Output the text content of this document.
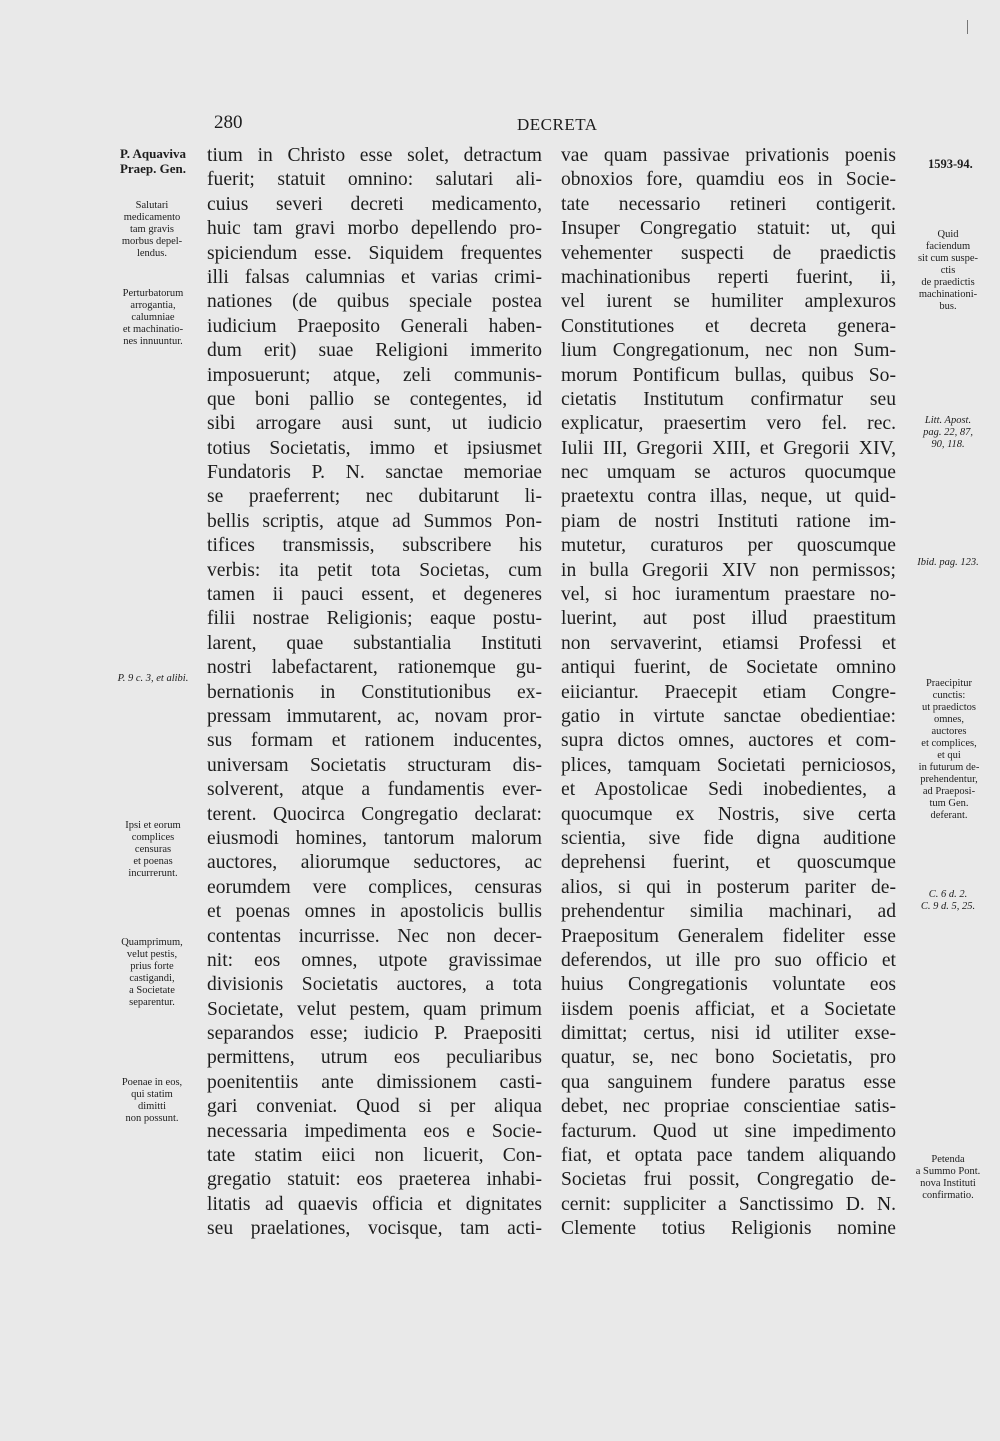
280	DECRETA
1593-94.
P. Aquaviva
Praep. Gen.
Salutari
medicamento
tam gravis
morbus depel-
lendus.
Perturbatorum
arrogantia,
calumniae
et machinatio-
nes innuuntur.
P. 9 c. 3, et alibi.
Ipsi et eorum
complices
censuras
et poenas
incurrerunt.
Quamprimum,
velut pestis,
prius forte
castigandi,
a Societate
separentur.
Poenae in eos,
qui statim
dimitti
non possunt.
Quid
faciendum
sit cum suspe-
ctis
de praedictis
machinationi-
bus.
Litt. Apost.
pag. 22, 87,
90, 118.
Ibid. pag. 123.
Praecipitur
cunctis:
ut praedictos
omnes,
auctores
et complices,
et qui
in futurum de-
prehendentur,
ad Praeposi-
tum Gen.
deferant.
C. 6 d. 2.
C. 9 d. 5, 25.
Petenda
a Summo Pont.
nova Instituti
confirmatio.
tium in Christo esse solet, detractum
fuerit; statuit omnino: salutari ali-
cuius severi decreti medicamento,
huic tam gravi morbo depellendo pro-
spiciendum esse. Siquidem frequentes
illi falsas calumnias et varias crimi-
nationes (de quibus speciale postea
iudicium Praeposito Generali haben-
dum erit) suae Religioni immerito
imposuerunt; atque, zeli communis-
que boni pallio se contegentes, id
sibi arrogare ausi sunt, ut iudicio
totius Societatis, immo et ipsiusmet
Fundatoris P. N. sanctae memoriae
se praeferrent; nec dubitarunt li-
bellis scriptis, atque ad Summos Pon-
tifices transmissis, subscribere his
verbis: ita petit tota Societas, cum
tamen ii pauci essent, et degeneres
filii nostrae Religionis; eaque postu-
larent, quae substantialia Instituti
nostri labefactarent, rationemque gu-
bernationis in Constitutionibus ex-
pressam immutarent, ac, novam pror-
sus formam et rationem inducentes,
universam Societatis structuram dis-
solverent, atque a fundamentis ever-
terent. Quocirca Congregatio declarat:
eiusmodi homines, tantorum malorum
auctores, aliorumque seductores, ac
eorumdem vere complices, censuras
et poenas omnes in apostolicis bullis
contentas incurrisse. Nec non decer-
nit: eos omnes, utpote gravissimae
divisionis Societatis auctores, a tota
Societate, velut pestem, quam primum
separandos esse; iudicio P. Praepositi
permittens, utrum eos peculiaribus
poenitentiis ante dimissionem casti-
gari conveniat. Quod si per aliqua
necessaria impedimenta eos e Socie-
tate statim eiici non licuerit, Con-
gregatio statuit: eos praeterea inhabi-
litatis ad quaevis officia et dignitates
seu praelationes, vocisque, tam acti-
vae quam passivae privationis poenis
obnoxios fore, quamdiu eos in Socie-
tate necessario retineri contigerit.
Insuper Congregatio statuit: ut, qui
vehementer suspecti de praedictis
machinationibus reperti fuerint, ii,
vel iurent se humiliter amplexuros
Constitutiones et decreta genera-
lium Congregationum, nec non Sum-
morum Pontificum bullas, quibus So-
cietatis Institutum confirmatur seu
explicatur, praesertim vero fel. rec.
Iulii III, Gregorii XIII, et Gregorii XIV,
nec umquam se acturos quocumque
praetextu contra illas, neque, ut quid-
piam de nostri Instituti ratione im-
mutetur, curaturos per quoscumque
in bulla Gregorii XIV non permissos;
vel, si hoc iuramentum praestare no-
luerint, aut post illud praestitum
non servaverint, etiamsi Professi et
antiqui fuerint, de Societate omnino
eiiciantur. Praecepit etiam Congre-
gatio in virtute sanctae obedientiae:
supra dictos omnes, auctores et com-
plices, tamquam Societati perniciosos,
et Apostolicae Sedi inobedientes, a
quocumque ex Nostris, sive certa
scientia, sive fide digna auditione
deprehensi fuerint, et quoscumque
alios, si qui in posterum pariter de-
prehendentur similia machinari, ad
Praepositum Generalem fideliter esse
deferendos, ut ille pro suo officio et
huius Congregationis voluntate eos
iisdem poenis afficiat, et a Societate
dimittat; certus, nisi id utiliter exse-
quatur, se, nec bono Societatis, pro
qua sanguinem fundere paratus esse
debet, nec propriae conscientiae satis-
facturum. Quod ut sine impedimento
fiat, et optata pace tandem aliquando
Societas frui possit, Congregatio de-
cernit: suppliciter a Sanctissimo D. N.
Clemente totius Religionis nomine
